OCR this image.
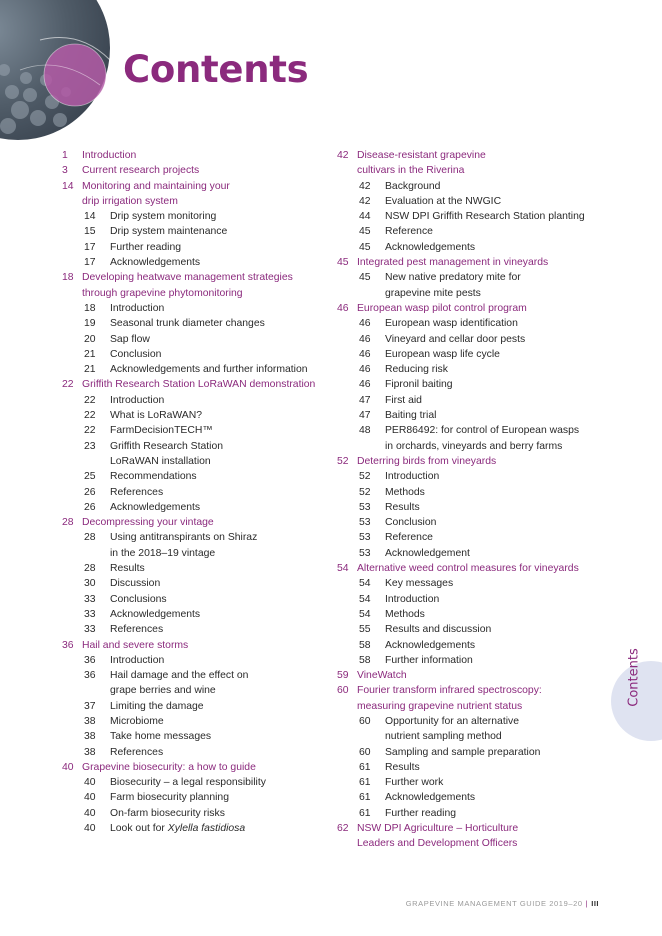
Contents
1	Introduction
3	Current research projects
14 Monitoring and maintaining your
drip irrigation system
14	Drip system monitoring
15	Drip system maintenance
17	Further reading
17	Acknowledgements
18 Developing heatwave management strategies
through grapevine phytomonitoring
18	Introduction
19	Seasonal trunk diameter changes
20	Sap flow
21	Conclusion
21	Acknowledgements and further information
22 Griffith Research Station LoRaWAN demonstration
22	Introduction
22	What is LoRaWAN?
22	FarmDecisionTECH™
23	Griffith Research Station
LoRaWAN installation
25	Recommendations
26	References
26	Acknowledgements
28 Decompressing your vintage
28	Using antitranspirants on Shiraz
in the 2018–19 vintage
28	Results
30	Discussion
33	Conclusions
33	Acknowledgements
33	References
36 Hail and severe storms
36	Introduction
36	Hail damage and the effect on
grape berries and wine
37	Limiting the damage
38	Microbiome
38	Take home messages
38	References
40 Grapevine biosecurity: a how to guide
40	Biosecurity – a legal responsibility
40	Farm biosecurity planning
40	On-farm biosecurity risks
40	Look out for Xylella fastidiosa
42 Disease-resistant grapevine
cultivars in the Riverina
42	Background
42	Evaluation at the NWGIC
44	NSW DPI Griffith Research Station planting
45	Reference
45	Acknowledgements
45 Integrated pest management in vineyards
45	New native predatory mite for
grapevine mite pests
46 European wasp pilot control program
46	European wasp identification
46	Vineyard and cellar door pests
46	European wasp life cycle
46	Reducing risk
46	Fipronil baiting
47	First aid
47	Baiting trial
48	PER86492: for control of European wasps
in orchards, vineyards and berry farms
52 Deterring birds from vineyards
52	Introduction
52	Methods
53	Results
53	Conclusion
53	Reference
53	Acknowledgement
54 Alternative weed control measures for vineyards
54	Key messages
54	Introduction
54	Methods
55	Results and discussion
58	Acknowledgements
58	Further information
59 VineWatch
60 Fourier transform infrared spectroscopy:
measuring grapevine nutrient status
60	Opportunity for an alternative
nutrient sampling method
60	Sampling and sample preparation
61	Results
61	Further work
61	Acknowledgements
61	Further reading
62 NSW DPI Agriculture – Horticulture
Leaders and Development Officers
Contents
GRAPEVINE MANAGEMENT GUIDE 2019–20 | III
